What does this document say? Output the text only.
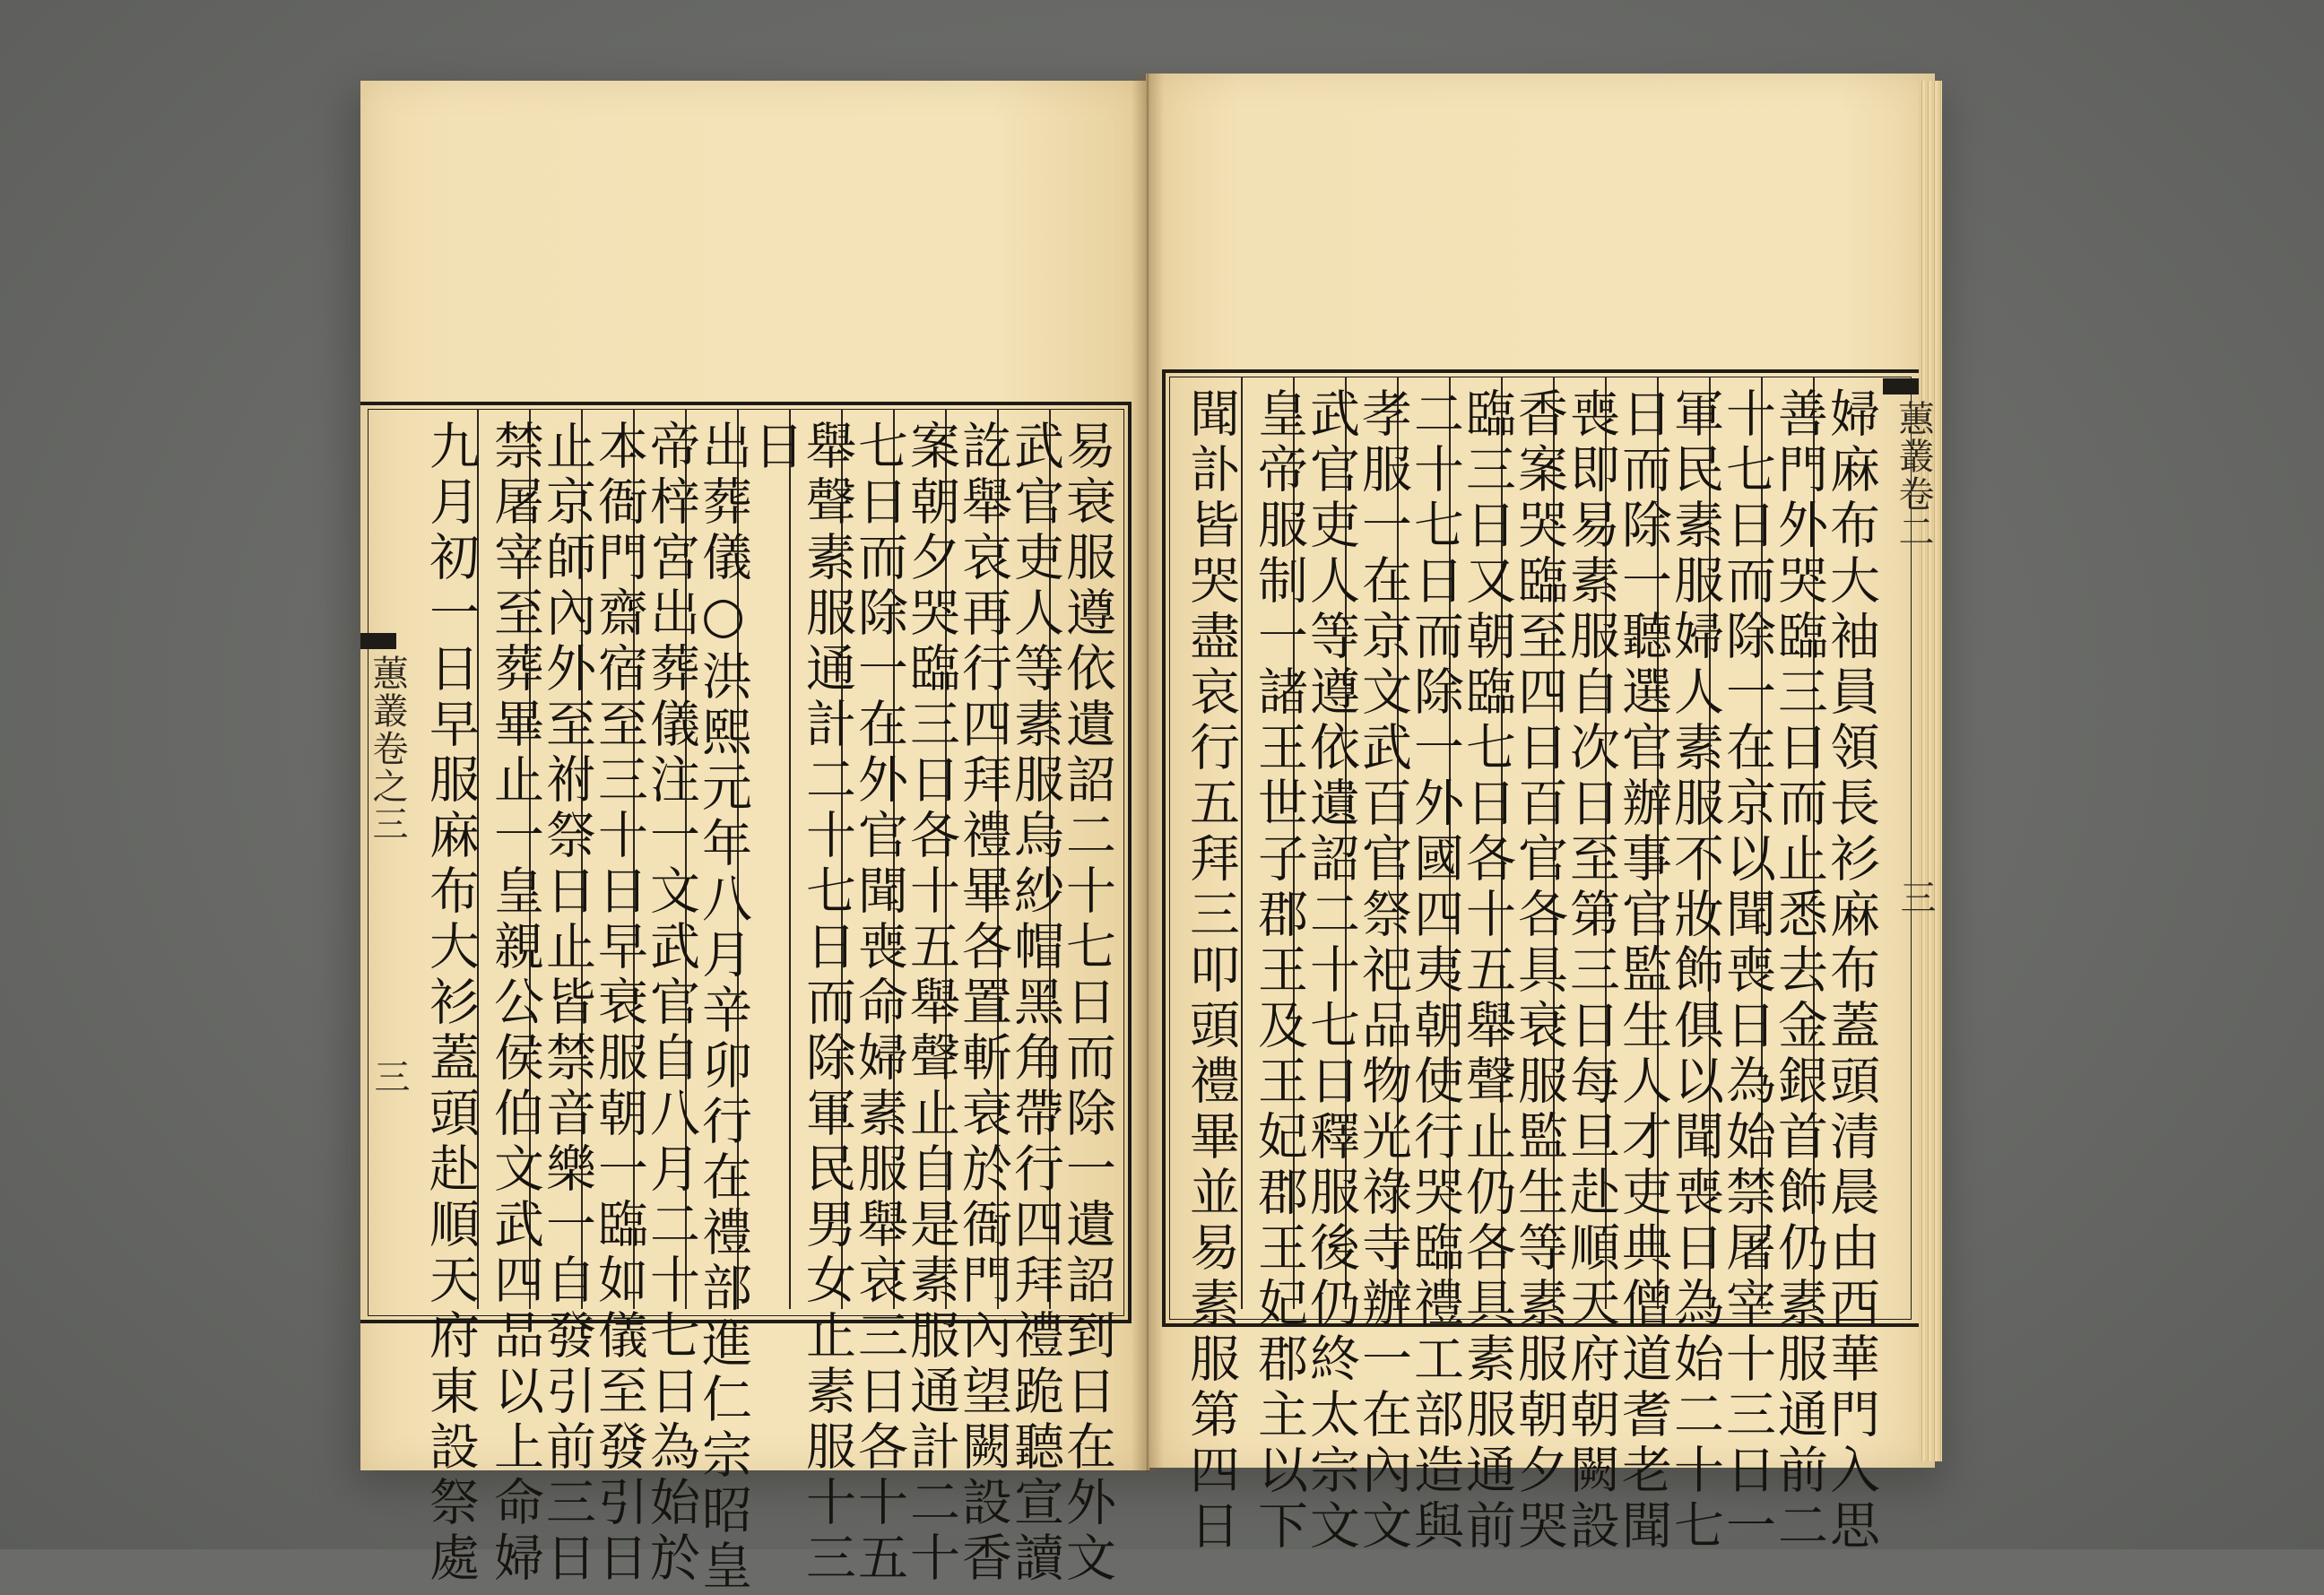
蕙叢卷二
三
婦麻布大袖員領長衫麻布蓋頭清晨由西華門入思
善門外哭臨三日而止悉去金銀首飾仍素服通前二
十七日而除一在京以聞喪日為始禁屠宰十三日一
軍民素服婦人素服不妝飾俱以聞喪日為始二十七
日而除一聽選官辦事官監生人才吏典僧道耆老聞
喪即易素服自次日至第三日每旦赴順天府朝闕設
香案哭臨至四日百官各具衰服監生等素服朝夕哭
臨三日又朝臨七日各十五舉聲止仍各具素服通前
二十七日而除一外國四夷朝使行哭臨禮工部造與
孝服一在京文武百官祭祀品物光祿寺辦一在內文
武官吏人等遵依遺詔二十七日釋服後仍終太宗文
皇帝服制一諸王世子郡王及王妃郡王妃郡主以下
聞訃皆哭盡哀行五拜三叩頭禮畢並易素服第四日
蕙叢卷之三
三	易衰服遵依遺詔二十七日而除一遺詔到日在外文
武官吏人等素服烏紗帽黑角帶行四拜禮跪聽宣讀
訖舉哀再行四拜禮畢各置斬衰於衙門內望闕設香
案朝夕哭臨三日各十五舉聲止自是素服通計二十
七日而除一在外官聞喪命婦素服舉哀三日各十五
舉聲素服通計二十七日而除軍民男女止素服十三
日
出葬儀○洪熙元年八月辛卯行在禮部進仁宗昭皇
帝梓宮出葬儀注一文武官自八月二十七日為始於
本衙門齋宿至三十日早衰服朝一臨如儀至發引日
止京師內外至祔祭日止皆禁音樂一自發引前三日
禁屠宰至葬畢止一皇親公侯伯文武四品以上命婦
九月初一日早服麻布大衫蓋頭赴順天府東設祭處
